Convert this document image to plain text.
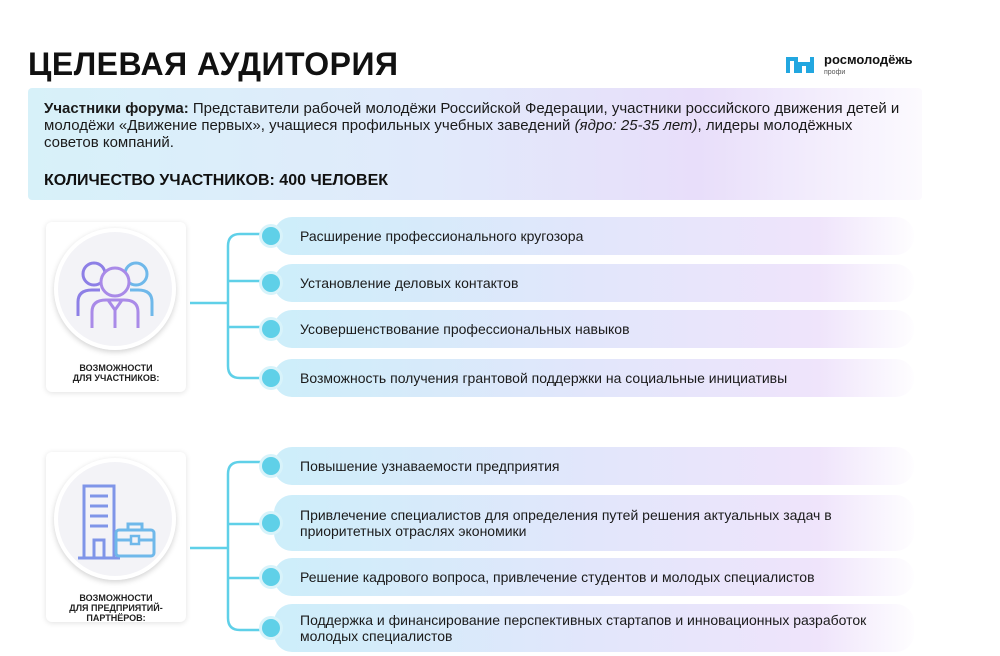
ЦЕЛЕВАЯ АУДИТОРИЯ	росмолодёжь
профи
Участники форума: Представители рабочей молодёжи Российской Федерации, участники российского движения детей и молодёжи «Движение первых», учащиеся профильных учебных заведений (ядро: 25-35 лет), лидеры молодёжных советов компаний.
КОЛИЧЕСТВО УЧАСТНИКОВ: 400 ЧЕЛОВЕК
ВОЗМОЖНОСТИ
ДЛЯ УЧАСТНИКОВ:
Расширение профессионального кругозора
Установление деловых контактов
Усовершенствование профессиональных навыков
Возможность получения грантовой поддержки на социальные инициативы
ВОЗМОЖНОСТИ
ДЛЯ ПРЕДПРИЯТИЙ-
ПАРТНЁРОВ:
Повышение узнаваемости предприятия
Привлечение специалистов для определения путей решения актуальных задач в приоритетных отраслях экономики
Решение кадрового вопроса, привлечение студентов и молодых специалистов
Поддержка и финансирование перспективных стартапов и инновационных разработок молодых специалистов
